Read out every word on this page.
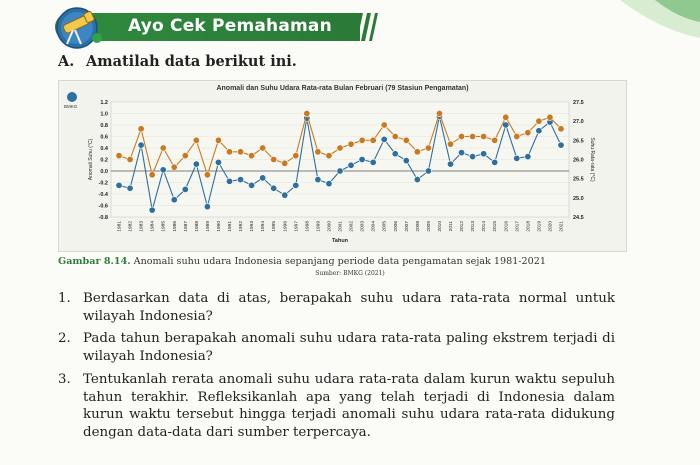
Ayo Cek Pemahaman
A. Amatilah data berikut ini.
Anomali dan Suhu Udara Rata-rata Bulan Februari (79 Stasiun Pengamatan)
BMKG
1.2
1.0
0.8
0.6
0.4
0.2
0.0
-0.2
-0.4
-0.6
-0.8
27.5
27.0
26.5
26.0
25.5
25.0
24.5
Anomali Suhu (°C)	Suhu Rata-rata (°C)
Tahun
1981 1982 1983 1984 1985 1986 1987 1988 1989 1990 1991 1992 1993 1994 1995 1996 1997 1998 1999 2000 2001 2002 2003 2004 2005 2006 2007 2008 2009 2010 2011 2012 2013 2014 2015 2016 2017 2018 2019 2020 2021
Gambar 8.14. Anomali suhu udara Indonesia sepanjang periode data pengamatan sejak 1981-2021
Sumber: BMKG (2021)
1. Berdasarkan data di atas, berapakah suhu udara rata-rata normal untuk wilayah Indonesia?
2. Pada tahun berapakah anomali suhu udara rata-rata paling ekstrem terjadi di wilayah Indonesia?
3. Tentukanlah rerata anomali suhu udara rata-rata dalam kurun waktu sepuluh tahun terakhir. Refleksikanlah apa yang telah terjadi di Indonesia dalam kurun waktu tersebut hingga terjadi anomali suhu udara rata-rata didukung dengan data-data dari sumber terpercaya.
